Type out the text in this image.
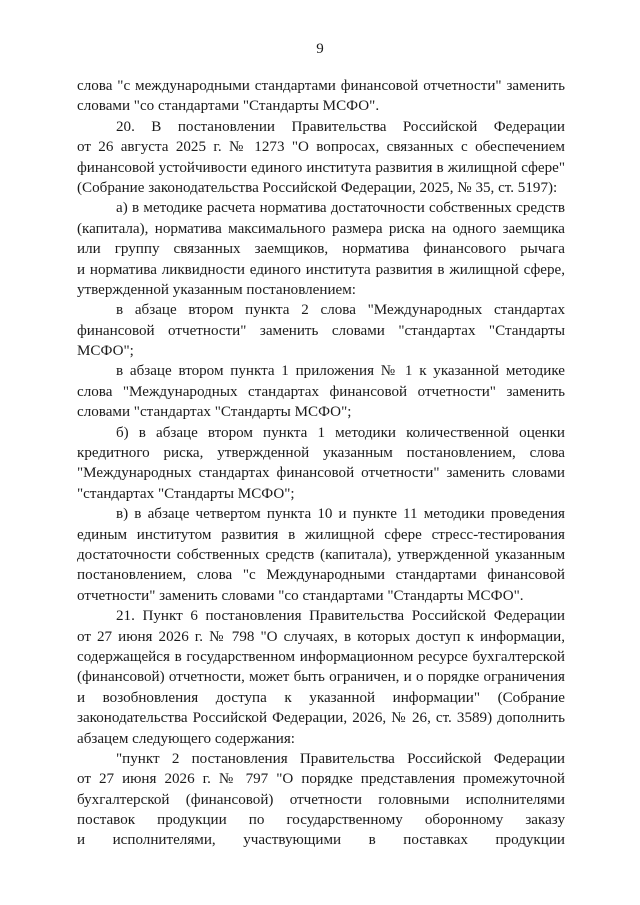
9
слова "с международными стандартами финансовой отчетности" заменить
словами "со стандартами "Стандарты МСФО".
20. В постановлении Правительства Российской Федерации
от 26 августа 2025 г. № 1273 "О вопросах, связанных с обеспечением
финансовой устойчивости единого института развития в жилищной сфере"
(Собрание законодательства Российской Федерации, 2025, № 35, ст. 5197):
а) в методике расчета норматива достаточности собственных средств
(капитала), норматива максимального размера риска на одного заемщика
или группу связанных заемщиков, норматива финансового рычага
и норматива ликвидности единого института развития в жилищной сфере,
утвержденной указанным постановлением:
в абзаце втором пункта 2 слова "Международных стандартах
финансовой отчетности" заменить словами "стандартах "Стандарты
МСФО";
в абзаце втором пункта 1 приложения № 1 к указанной методике
слова "Международных стандартах финансовой отчетности" заменить
словами "стандартах "Стандарты МСФО";
б) в абзаце втором пункта 1 методики количественной оценки
кредитного риска, утвержденной указанным постановлением, слова
"Международных стандартах финансовой отчетности" заменить словами
"стандартах "Стандарты МСФО";
в) в абзаце четвертом пункта 10 и пункте 11 методики проведения
единым институтом развития в жилищной сфере стресс-тестирования
достаточности собственных средств (капитала), утвержденной указанным
постановлением, слова "с Международными стандартами финансовой
отчетности" заменить словами "со стандартами "Стандарты МСФО".
21. Пункт 6 постановления Правительства Российской Федерации
от 27 июня 2026 г. № 798 "О случаях, в которых доступ к информации,
содержащейся в государственном информационном ресурсе бухгалтерской
(финансовой) отчетности, может быть ограничен, и о порядке ограничения
и возобновления доступа к указанной информации" (Собрание
законодательства Российской Федерации, 2026, № 26, ст. 3589) дополнить
абзацем следующего содержания:
"пункт 2 постановления Правительства Российской Федерации
от 27 июня 2026 г. № 797 "О порядке представления промежуточной
бухгалтерской (финансовой) отчетности головными исполнителями
поставок продукции по государственному оборонному заказу
и исполнителями, участвующими в поставках продукции
